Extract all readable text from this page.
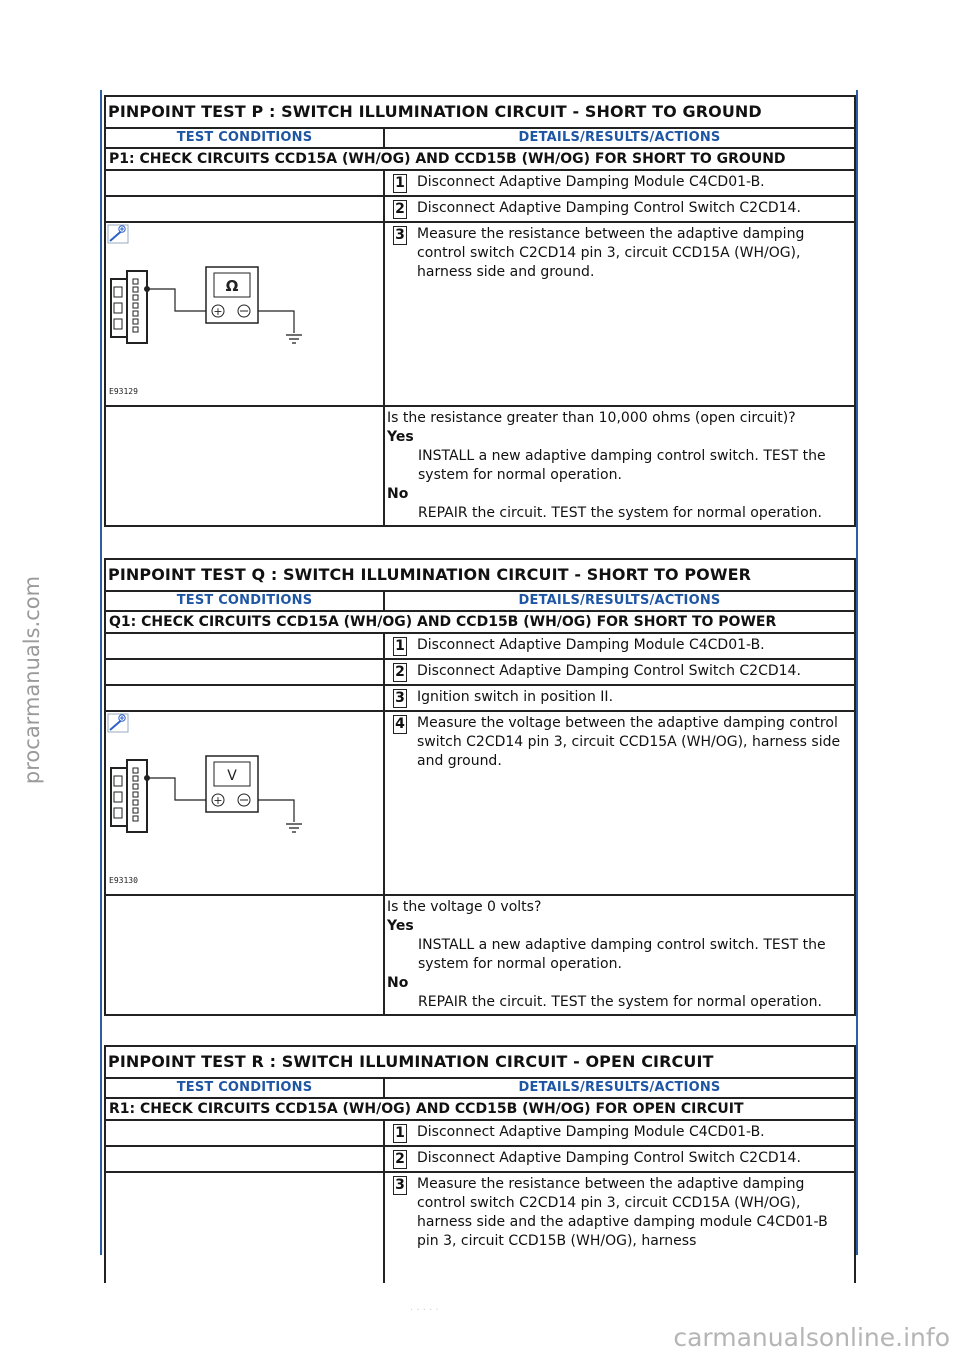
procarmanuals.com
carmanualsonline.info
· · · · ·
PINPOINT TEST P : SWITCH ILLUMINATION CIRCUIT - SHORT TO GROUND	
TEST CONDITIONS	DETAILS/RESULTS/ACTIONS
P1: CHECK CIRCUITS CCD15A (WH/OG) AND CCD15B (WH/OG) FOR SHORT TO GROUND	

	1 Disconnect Adaptive Damping Module C4CD01-B.

	2 Disconnect Adaptive Damping Control Switch C2CD14.

Ω
+
E93129	3 Measure the resistance between the adaptive damping control switch C2CD14 pin 3, circuit CCD15A (WH/OG), harness side and ground.

	Is the resistance greater than 10,000 ohms (open circuit)?
Yes
INSTALL a new adaptive damping control switch. TEST the system for normal operation.
No
REPAIR the circuit. TEST the system for normal operation.
PINPOINT TEST Q : SWITCH ILLUMINATION CIRCUIT - SHORT TO POWER	
TEST CONDITIONS	DETAILS/RESULTS/ACTIONS
Q1: CHECK CIRCUITS CCD15A (WH/OG) AND CCD15B (WH/OG) FOR SHORT TO POWER	

	1 Disconnect Adaptive Damping Module C4CD01-B.

	2 Disconnect Adaptive Damping Control Switch C2CD14.

	3 Ignition switch in position II.

V
+
E93130	4 Measure the voltage between the adaptive damping control switch C2CD14 pin 3, circuit CCD15A (WH/OG), harness side and ground.

	Is the voltage 0 volts?
Yes
INSTALL a new adaptive damping control switch. TEST the system for normal operation.
No
REPAIR the circuit. TEST the system for normal operation.
PINPOINT TEST R : SWITCH ILLUMINATION CIRCUIT - OPEN CIRCUIT	
TEST CONDITIONS	DETAILS/RESULTS/ACTIONS
R1: CHECK CIRCUITS CCD15A (WH/OG) AND CCD15B (WH/OG) FOR OPEN CIRCUIT	

	1 Disconnect Adaptive Damping Module C4CD01-B.

	2 Disconnect Adaptive Damping Control Switch C2CD14.

	3 Measure the resistance between the adaptive damping control switch C2CD14 pin 3, circuit CCD15A (WH/OG), harness side and the adaptive damping module C4CD01-B pin 3, circuit CCD15B (WH/OG), harness
